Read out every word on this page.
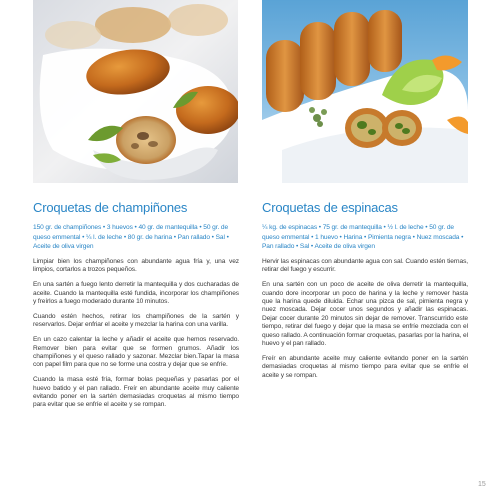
Croquetas de champiñones

150 gr. de champiñones • 3 huevos • 40 gr. de mantequilla • 50 gr. de queso emmental • ¼ l. de leche • 80 gr. de harina • Pan rallado • Sal • Aceite de oliva virgen

Limpiar bien los champiñones con abundante agua fría y, una vez limpios, cortarlos a trozos pequeños.

En una sartén a fuego lento derretir la mantequilla y dos cucharadas de aceite. Cuando la mantequilla esté fundida, incorporar los champiñones y freírlos a fuego moderado durante 10 minutos.

Cuando estén hechos, retirar los champiñones de la sartén y reservarlos. Dejar enfriar el aceite y mezclar la harina con una varilla.

En un cazo calentar la leche y añadir el aceite que hemos reservado. Remover bien para evitar que se formen grumos. Añadir los champiñones y el queso rallado y sazonar. Mezclar bien.Tapar la masa con papel film para que no se forme una costra y dejar que se enfríe.

Cuando la masa esté fría, formar bolas pequeñas y pasarlas por el huevo batido y el pan rallado. Freír en abundante aceite muy caliente evitando poner en la sartén demasiadas croquetas al mismo tiempo para evitar que se enfríe el aceite y se rompan.

Croquetas de espinacas

¼ kg. de espinacas • 75 gr. de mantequilla • ½ l. de leche • 50 gr. de queso emmental • 1 huevo • Harina • Pimienta negra • Nuez moscada • Pan rallado • Sal • Aceite de oliva virgen

Hervir las espinacas con abundante agua con sal. Cuando estén tiernas, retirar del fuego y escurrir.

En una sartén con un poco de aceite de oliva derretir la mantequilla, cuando dore incorporar un poco de harina y la leche y remover hasta que la harina quede diluida. Echar una pizca de sal, pimienta negra y nuez moscada. Dejar cocer unos segundos y añadir las espinacas. Dejar cocer durante 20 minutos sin dejar de remover. Transcurrido este tiempo, retirar del fuego y dejar que la masa se enfríe mezclada con el queso rallado. A continuación formar croquetas, pasarlas por la harina, el huevo y el pan rallado.

Freír en abundante aceite muy caliente evitando poner en la sartén demasiadas croquetas al mismo tiempo para evitar que se enfríe el aceite y se rompan.

15
